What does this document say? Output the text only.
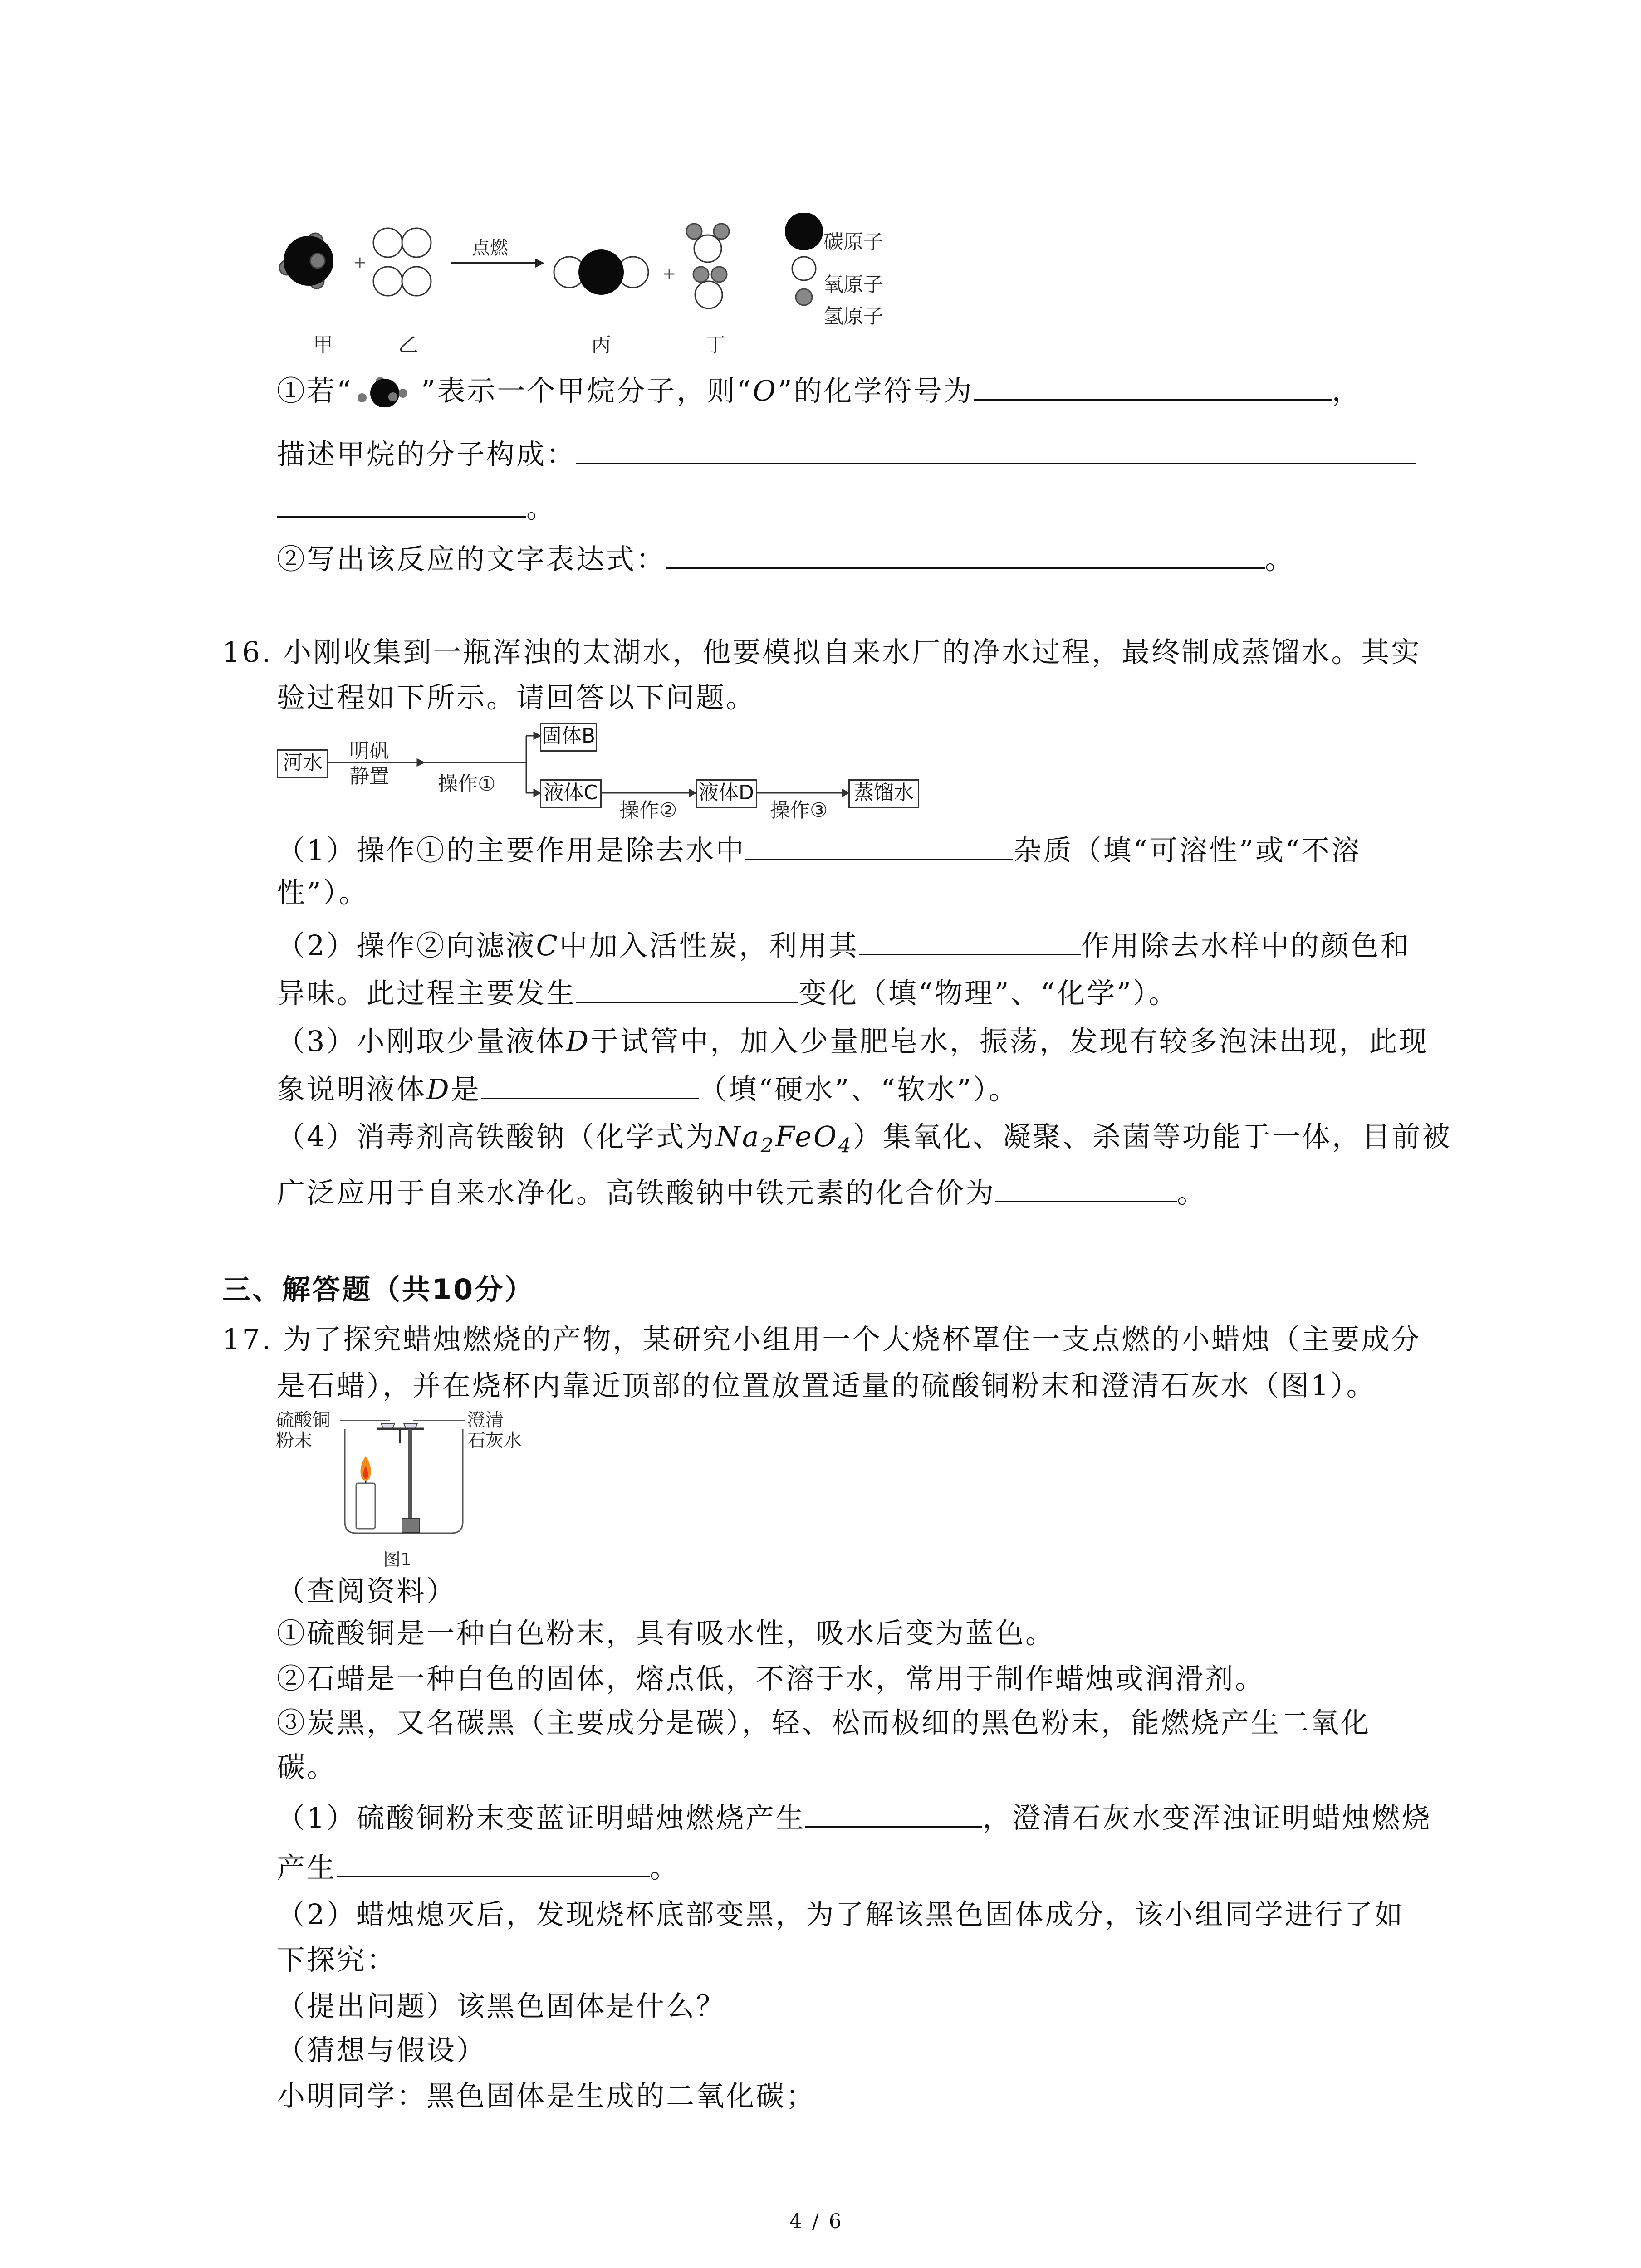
+
点燃
+
碳原子
氧原子
氢原子
甲	乙	丙	丁
①若“ ”表示一个甲烷分子，则“O”的化学符号为	，
描述甲烷的分子构成：
。
②写出该反应的文字表达式：	。
16. 小刚收集到一瓶浑浊的太湖水，他要模拟自来水厂的净水过程，最终制成蒸馏水。其实
验过程如下所示。请回答以下问题。
河水
明矾
静置 操作①
固体B
液体C
操作②
液体D
操作③
蒸馏水
（1）操作①的主要作用是除去水中	杂质（填“可溶性”或“不溶
性”）。
（2）操作②向滤液C中加入活性炭，利用其	作用除去水样中的颜色和
异味。此过程主要发生	变化（填“物理”、“化学”）。
（3）小刚取少量液体D于试管中，加入少量肥皂水，振荡，发现有较多泡沫出现，此现
象说明液体D是	（填“硬水”、“软水”）。
（4）消毒剂高铁酸钠（化学式为$Na_2FeO_4$）集氧化、凝聚、杀菌等功能于一体，目前被
广泛应用于自来水净化。高铁酸钠中铁元素的化合价为	。
三、解答题（共10分）
17. 为了探究蜡烛燃烧的产物，某研究小组用一个大烧杯罩住一支点燃的小蜡烛（主要成分
是石蜡），并在烧杯内靠近顶部的位置放置适量的硫酸铜粉末和澄清石灰水（图1）。
硫酸铜
粉末
澄清
石灰水
图1
（查阅资料）
①硫酸铜是一种白色粉末，具有吸水性，吸水后变为蓝色。
②石蜡是一种白色的固体，熔点低，不溶于水，常用于制作蜡烛或润滑剂。
③炭黑，又名碳黑（主要成分是碳），轻、松而极细的黑色粉末，能燃烧产生二氧化
碳。
（1）硫酸铜粉末变蓝证明蜡烛燃烧产生	，澄清石灰水变浑浊证明蜡烛燃烧
产生	。
（2）蜡烛熄灭后，发现烧杯底部变黑，为了解该黑色固体成分，该小组同学进行了如
下探究：
（提出问题）该黑色固体是什么？
（猜想与假设）
小明同学：黑色固体是生成的二氧化碳；
4 / 6
